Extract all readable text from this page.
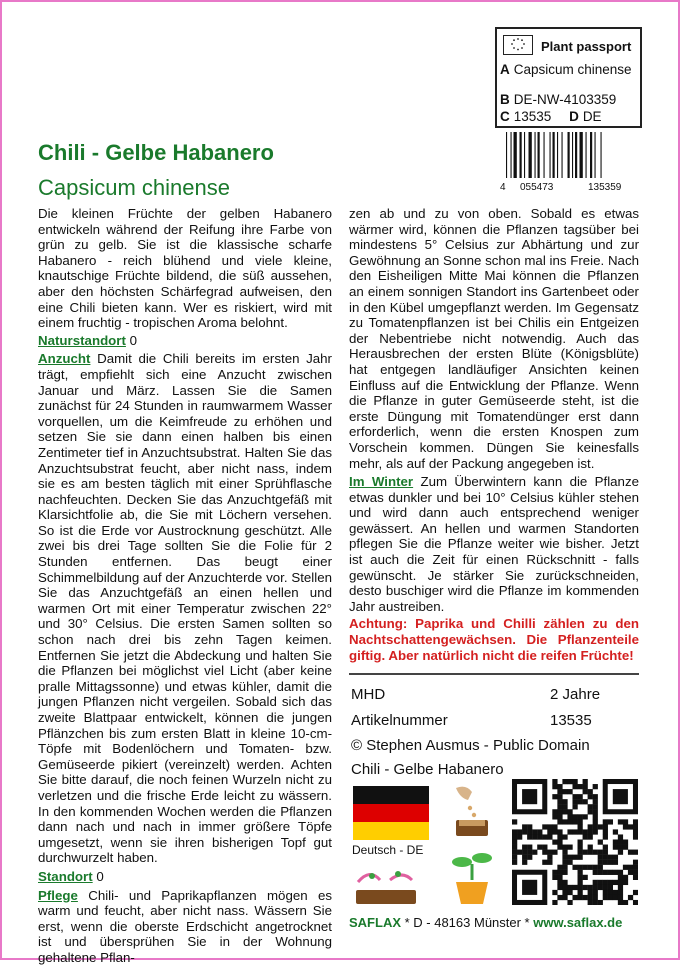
Plant passport
A Capsicum chinense
B DE-NW-4103359
C 13535 D DE
4 055473	135359
Chili - Gelbe Habanero
Capsicum chinense

Die kleinen Früchte der gelben Habanero entwickeln während der Reifung ihre Farbe von grün zu gelb. Sie ist die klassische scharfe Habanero - reich blühend und viele kleine, knautschige Früchte bildend, die süß aussehen, aber den höchsten Schärfegrad aufweisen, den eine Chili bieten kann. Wer es riskiert, wird mit einem fruchtig - tropischen Aroma belohnt.

Naturstandort 0

Anzucht Damit die Chili bereits im ersten Jahr trägt, empfiehlt sich eine Anzucht zwischen Januar und März. Lassen Sie die Samen zunächst für 24 Stunden in raumwarmem Wasser vorquellen, um die Keimfreude zu erhöhen und setzen Sie sie dann einen halben bis einen Zentimeter tief in Anzuchtsubstrat. Halten Sie das Anzuchtsubstrat feucht, aber nicht nass, indem sie es am besten täglich mit einer Sprühflasche nachfeuchten. Decken Sie das Anzuchtgefäß mit Klarsichtfolie ab, die Sie mit Löchern versehen. So ist die Erde vor Austrocknung geschützt. Alle zwei bis drei Tage sollten Sie die Folie für 2 Stunden entfernen. Das beugt einer Schimmelbildung auf der Anzuchterde vor. Stellen Sie das Anzuchtgefäß an einen hellen und warmen Ort mit einer Temperatur zwischen 22° und 30° Celsius. Die ersten Samen sollten so schon nach drei bis zehn Tagen keimen. Entfernen Sie jetzt die Abdeckung und halten Sie die Pflanzen bei möglichst viel Licht (aber keine pralle Mittagssonne) und etwas kühler, damit die jungen Pflanzen nicht vergeilen. Sobald sich das zweite Blattpaar entwickelt, können die jungen Pflänzchen bis zum ersten Blatt in kleine 10-cm-Töpfe mit Bodenlöchern und Tomaten- bzw. Gemüseerde pikiert (vereinzelt) werden. Achten Sie bitte darauf, die noch feinen Wurzeln nicht zu verletzen und die frische Erde leicht zu wässern. In den kommenden Wochen werden die Pflanzen dann nach und nach in immer größere Töpfe umgesetzt, wenn sie ihren bisherigen Topf gut durchwurzelt haben.

Standort 0

Pflege Chili- und Paprikapflanzen mögen es warm und feucht, aber nicht nass. Wässern Sie erst, wenn die oberste Erdschicht angetrocknet ist und übersprühen Sie in der Wohnung gehaltene Pflan-

zen ab und zu von oben. Sobald es etwas wärmer wird, können die Pflanzen tagsüber bei mindestens 5° Celsius zur Abhärtung und zur Gewöhnung an Sonne schon mal ins Freie. Nach den Eisheiligen Mitte Mai können die Pflanzen an einem sonnigen Standort ins Gartenbeet oder in den Kübel umgepflanzt werden. Im Gegensatz zu Tomatenpflanzen ist bei Chilis ein Entgeizen der Nebentriebe nicht notwendig. Auch das Herausbrechen der ersten Blüte (Königsblüte) hat entgegen landläufiger Ansichten keinen Einfluss auf die Entwicklung der Pflanze. Wenn die Pflanze in guter Gemüseerde steht, ist die erste Düngung mit Tomatendünger erst dann erforderlich, wenn die ersten Knospen zum Vorschein kommen. Düngen Sie keinesfalls mehr, als auf der Packung angegeben ist.

Im Winter Zum Überwintern kann die Pflanze etwas dunkler und bei 10° Celsius kühler stehen und wird dann auch entsprechend weniger gewässert. An hellen und warmen Standorten pflegen Sie die Pflanze weiter wie bisher. Jetzt ist auch die Zeit für einen Rückschnitt - falls gewünscht. Je stärker Sie zurückschneiden, desto buschiger wird die Pflanze im kommenden Jahr austreiben.

Achtung: Paprika und Chilli zählen zu den Nachtschattengewächsen. Die Pflanzenteile giftig. Aber natürlich nicht die reifen Früchte!

MHD	2 Jahre
Artikelnummer	13535
© Stephen Ausmus - Public Domain
Chili - Gelbe Habanero
Deutsch - DE
SAFLAX * D - 48163 Münster * www.saflax.de
